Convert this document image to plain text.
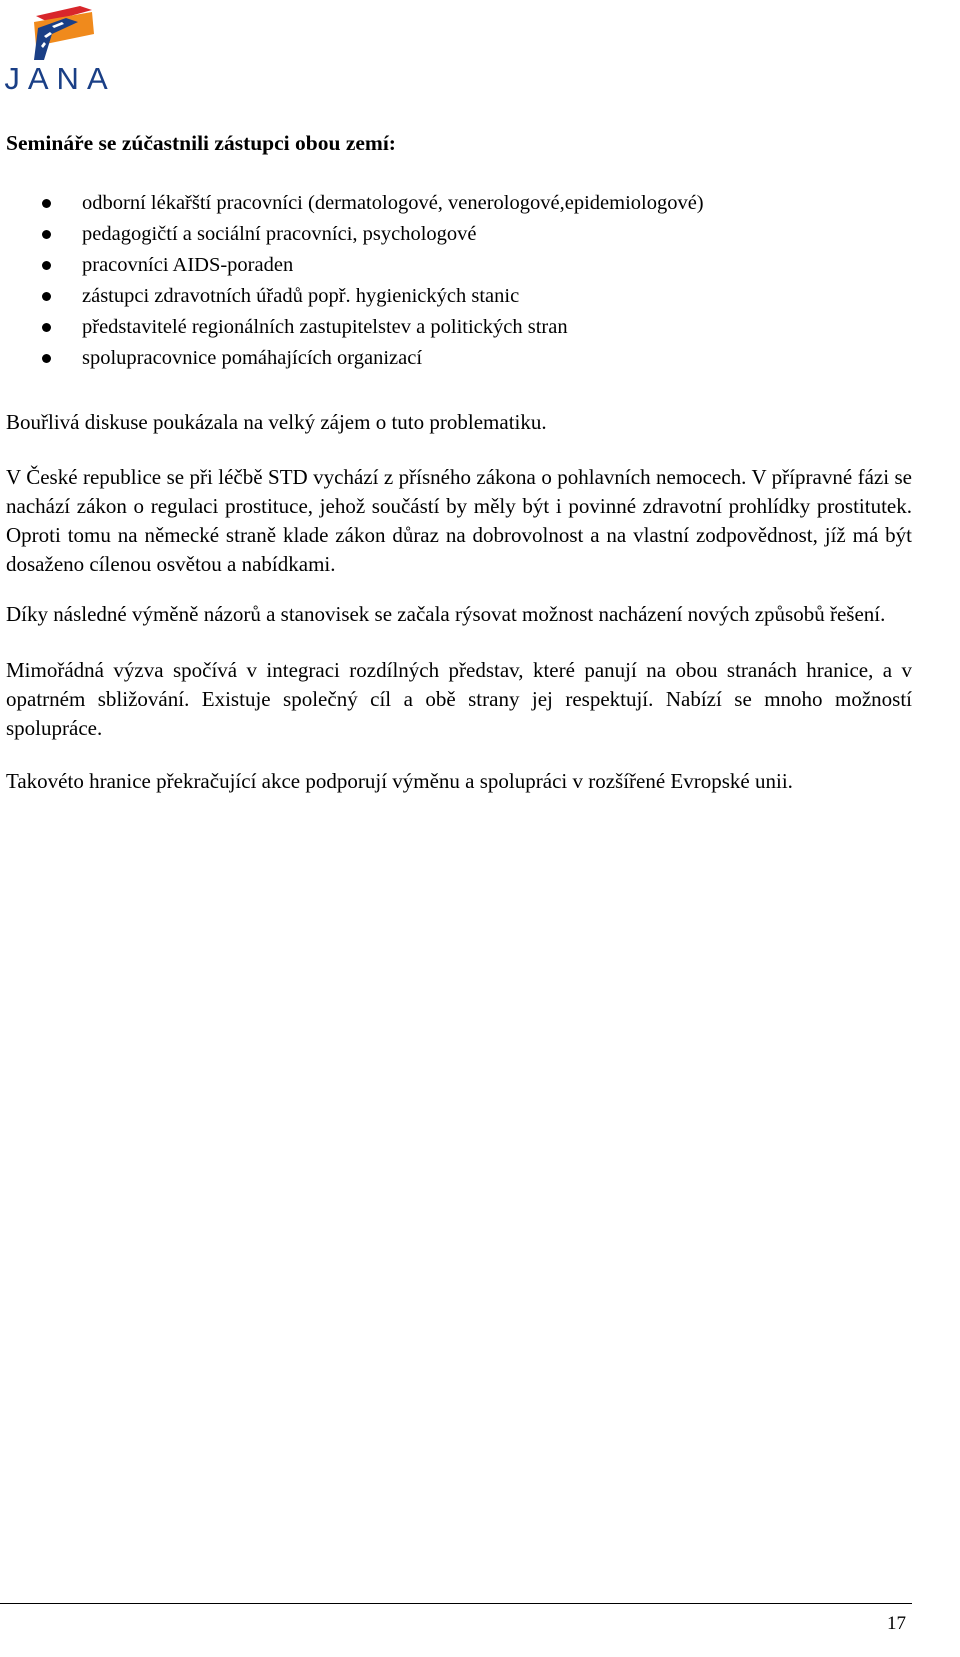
JANA
Semináře se zúčastnili zástupci obou zemí:
odborní lékařští pracovníci (dermatologové, venerologové,epidemiologové)
pedagogičtí a sociální pracovníci, psychologové
pracovníci AIDS-poraden
zástupci zdravotních úřadů popř. hygienických stanic
představitelé regionálních zastupitelstev a politických stran
spolupracovnice pomáhajících organizací

Bouřlivá diskuse poukázala na velký zájem o tuto problematiku.

V České republice se při léčbě STD vychází z přísného zákona o pohlavních nemocech. V přípravné fázi se nachází zákon o regulaci prostituce, jehož součástí by měly být i povinné zdravotní prohlídky prostitutek. Oproti tomu na německé straně klade zákon důraz na dobrovolnost a na vlastní zodpovědnost, jíž má být dosaženo cílenou osvětou a nabídkami.

Díky následné výměně názorů a stanovisek se začala rýsovat možnost nacházení nových způsobů řešení.

Mimořádná výzva spočívá v integraci rozdílných představ, které panují na obou stranách hranice, a v opatrném sbližování. Existuje společný cíl a obě strany jej respektují. Nabízí se mnoho možností spolupráce.

Takovéto hranice překračující akce podporují výměnu a spolupráci v rozšířené Evropské unii.

17
